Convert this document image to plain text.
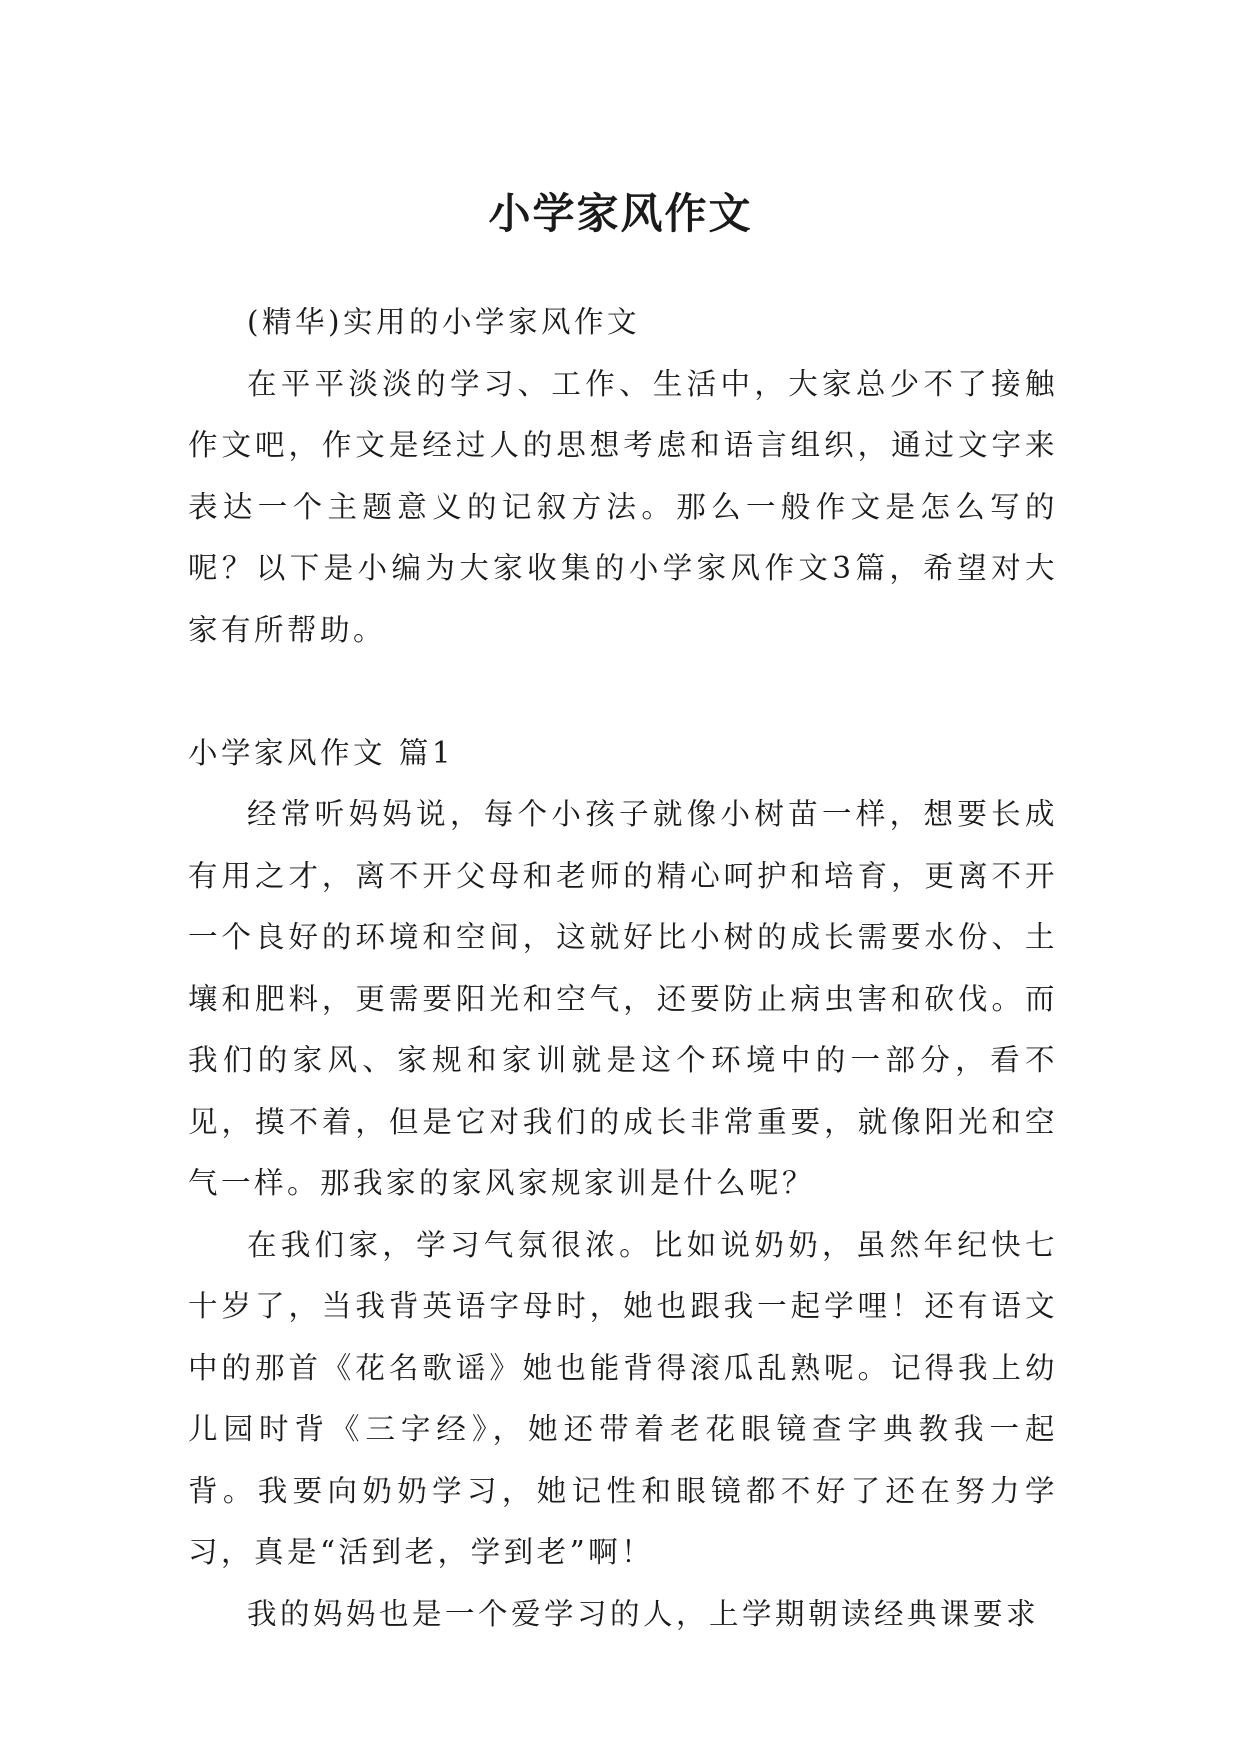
小学家风作文

(精华)实用的小学家风作文

在平平淡淡的学习、工作、生活中，大家总少不了接触作文吧，作文是经过人的思想考虑和语言组织，通过文字来表达一个主题意义的记叙方法。那么一般作文是怎么写的呢？以下是小编为大家收集的小学家风作文3篇，希望对大家有所帮助。

小学家风作文 篇1

经常听妈妈说，每个小孩子就像小树苗一样，想要长成有用之才，离不开父母和老师的精心呵护和培育，更离不开一个良好的环境和空间，这就好比小树的成长需要水份、土壤和肥料，更需要阳光和空气，还要防止病虫害和砍伐。而我们的家风、家规和家训就是这个环境中的一部分，看不见，摸不着，但是它对我们的成长非常重要，就像阳光和空气一样。那我家的家风家规家训是什么呢？

在我们家，学习气氛很浓。比如说奶奶，虽然年纪快七十岁了，当我背英语字母时，她也跟我一起学哩！还有语文中的那首《花名歌谣》她也能背得滚瓜乱熟呢。记得我上幼儿园时背《三字经》，她还带着老花眼镜查字典教我一起背。我要向奶奶学习，她记性和眼镜都不好了还在努力学习，真是“活到老，学到老”啊！

我的妈妈也是一个爱学习的人，上学期朝读经典课要求
